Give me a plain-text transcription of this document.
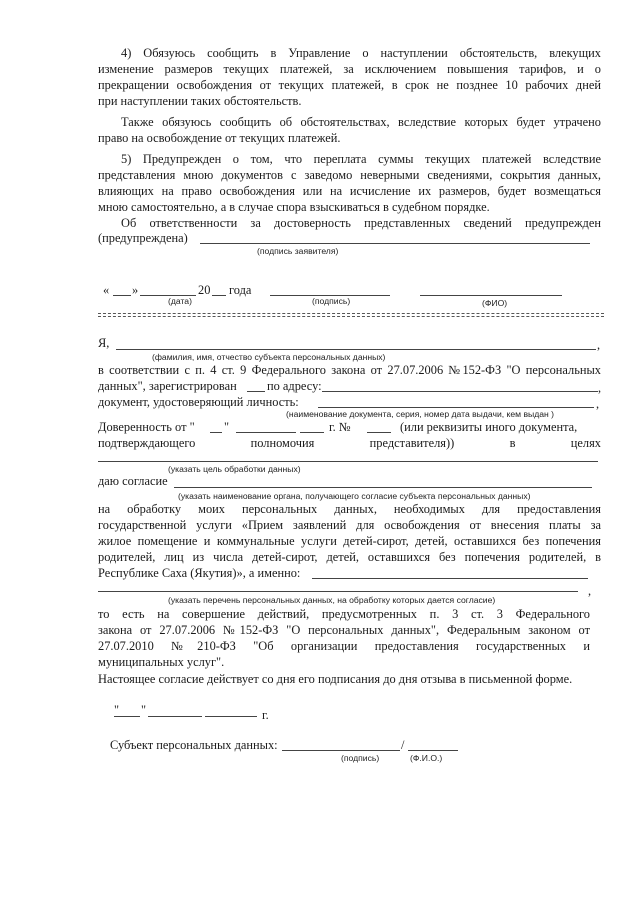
4) Обязуюсь сообщить в Управление о наступлении обстоятельств, влекущих
изменение размеров текущих платежей, за исключением повышения тарифов, и о
прекращении освобождения от текущих платежей, в срок не позднее 10 рабочих дней
при наступлении таких обстоятельств.
Также обязуюсь сообщить об обстоятельствах, вследствие которых будет утрачено
право на освобождение от текущих платежей.
5) Предупрежден о том, что переплата суммы текущих платежей вследствие
представления мною документов с заведомо неверными сведениями, сокрытия данных,
влияющих на право освобождения или на исчисление их размеров, будет возмещаться
мною самостоятельно, а в случае спора взыскиваться в судебном порядке.
Об ответственности за достоверность представленных сведений предупрежден
(предупреждена)
(подпись заявителя)
« »	20 года
(дата)	(подпись)	(ФИО)
Я,	,
(фамилия, имя, отчество субъекта персональных данных)
в соответствии с п. 4 ст. 9 Федерального закона от 27.07.2006 №152-ФЗ "О персональных
данных", зарегистрирован по адресу:	,
документ, удостоверяющий личность:	,
(наименование документа, серия, номер дата выдачи, кем выдан )
Доверенность от " "	г. №	(или реквизиты иного документа,
подтверждающего	полномочия	представителя))	в	целях
(указать цель обработки данных)
даю согласие
(указать наименование органа, получающего согласие субъекта персональных данных)
на обработку моих персональных данных, необходимых для предоставления
государственной услуги «Прием заявлений для освобождения от внесения платы за
жилое помещение и коммунальные услуги детей-сирот, детей, оставшихся без попечения
родителей, лиц из числа детей-сирот, детей, оставшихся без попечения родителей, в
Республике Саха (Якутия)», а именно:
,
(указать перечень персональных данных, на обработку которых дается согласие)
то есть на совершение действий, предусмотренных п. 3 ст. 3 Федерального
закона от 27.07.2006 №152-ФЗ "О персональных данных", Федеральным законом от
27.07.2010 №210-ФЗ "Об организации предоставления государственных и
муниципальных услуг".
Настоящее согласие действует со дня его подписания до дня отзыва в письменной форме.
" "	г.
Субъект персональных данных:	/
(подпись)	(Ф.И.О.)
